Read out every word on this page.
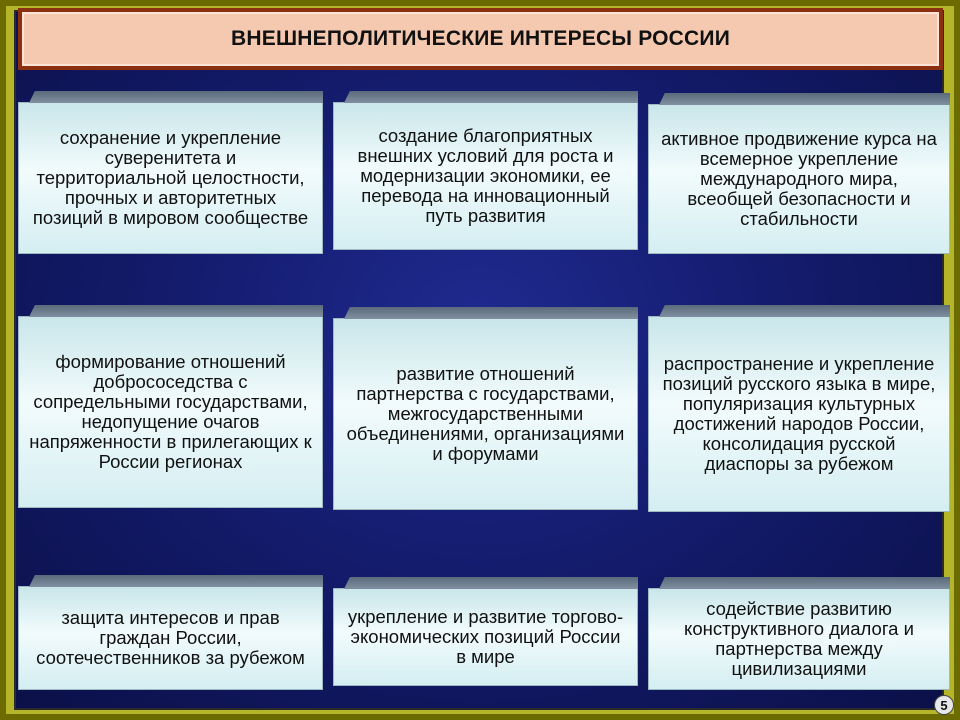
ВНЕШНЕПОЛИТИЧЕСКИЕ ИНТЕРЕСЫ РОССИИ
сохранение и укрепление суверенитета и территориальной целостности, прочных и авторитетных позиций в мировом сообществе
создание благоприятных внешних условий для роста и модернизации экономики, ее перевода на инновационный путь развития
активное продвижение курса на всемерное укрепление международного мира, всеобщей безопасности и стабильности
формирование отношений добрососедства с сопредельными государствами, недопущение очагов напряженности в прилегающих к России регионах
развитие отношений партнерства с государствами, межгосударственными объединениями, организациями и форумами
распространение и укрепление позиций русского языка в мире, популяризация культурных достижений народов России, консолидация русской диаспоры за рубежом
защита интересов и прав граждан России, соотечественников за рубежом
укрепление и развитие торгово-экономических позиций России в мире
содействие развитию конструктивного диалога и партнерства между цивилизациями
5
